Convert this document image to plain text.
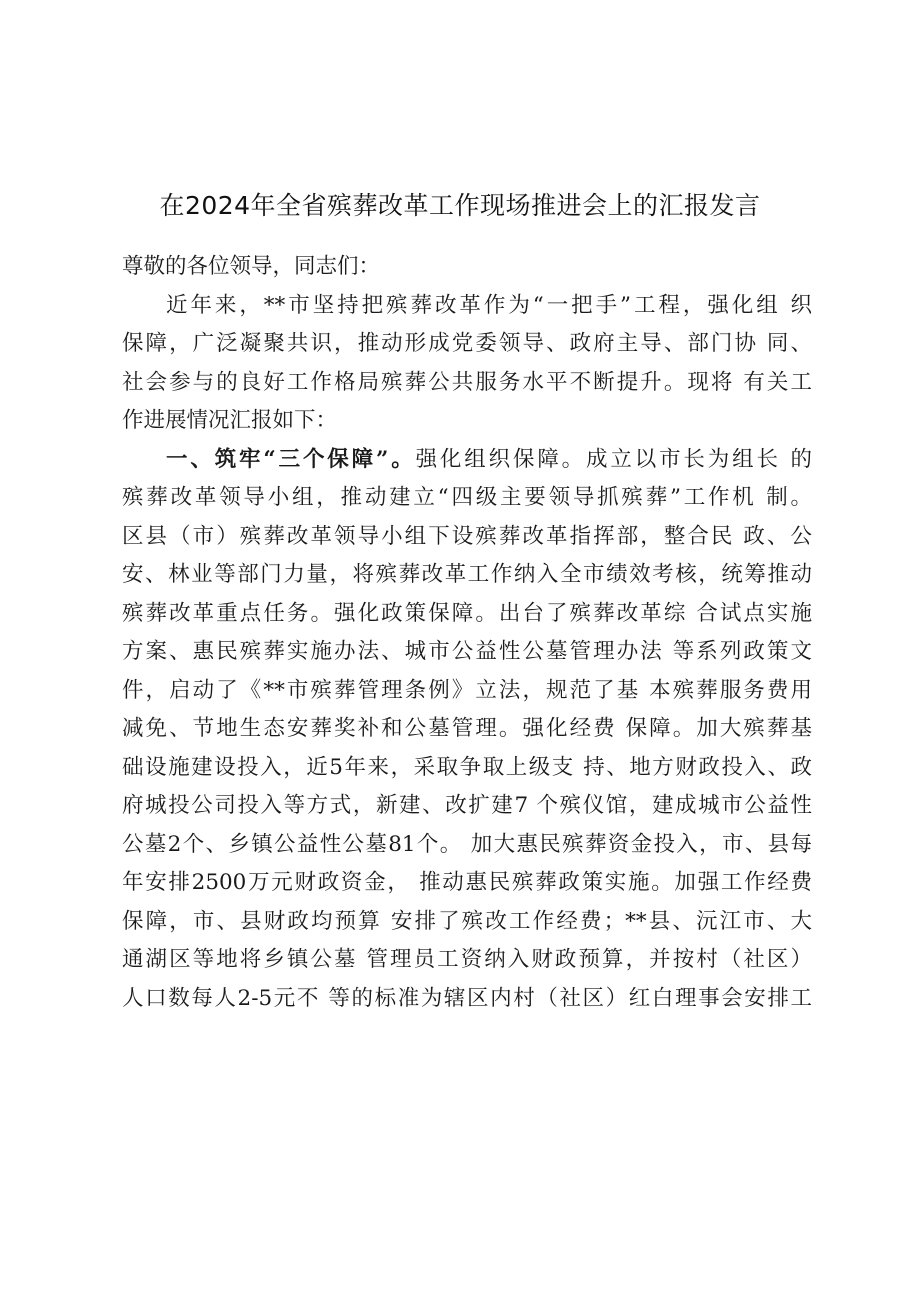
在2024年全省殡葬改革工作现场推进会上的汇报发言
尊敬的各位领导，同志们：
近年来，**市坚持把殡葬改革作为“一把手”工程，强化组 织
保障，广泛凝聚共识，推动形成党委领导、政府主导、部门协 同、
社会参与的良好工作格局殡葬公共服务水平不断提升。现将 有关工
作进展情况汇报如下：
一、筑牢“三个保障”。强化组织保障。成立以市长为组长 的
殡葬改革领导小组，推动建立“四级主要领导抓殡葬”工作机 制。
区县（市）殡葬改革领导小组下设殡葬改革指挥部，整合民 政、公
安、林业等部门力量，将殡葬改革工作纳入全市绩效考核，统筹推动
殡葬改革重点任务。强化政策保障。出台了殡葬改革综 合试点实施
方案、惠民殡葬实施办法、城市公益性公墓管理办法 等系列政策文
件，启动了《**市殡葬管理条例》立法，规范了基 本殡葬服务费用
减免、节地生态安葬奖补和公墓管理。强化经费 保障。加大殡葬基
础设施建设投入，近5年来，采取争取上级支 持、地方财政投入、政
府城投公司投入等方式，新建、改扩建7 个殡仪馆，建成城市公益性
公墓2个、乡镇公益性公墓81个。 加大惠民殡葬资金投入，市、县每
年安排2500万元财政资金， 推动惠民殡葬政策实施。加强工作经费
保障，市、县财政均预算 安排了殡改工作经费；**县、沅江市、大
通湖区等地将乡镇公墓 管理员工资纳入财政预算，并按村（社区）
人口数每人2-5元不 等的标准为辖区内村（社区）红白理事会安排工
